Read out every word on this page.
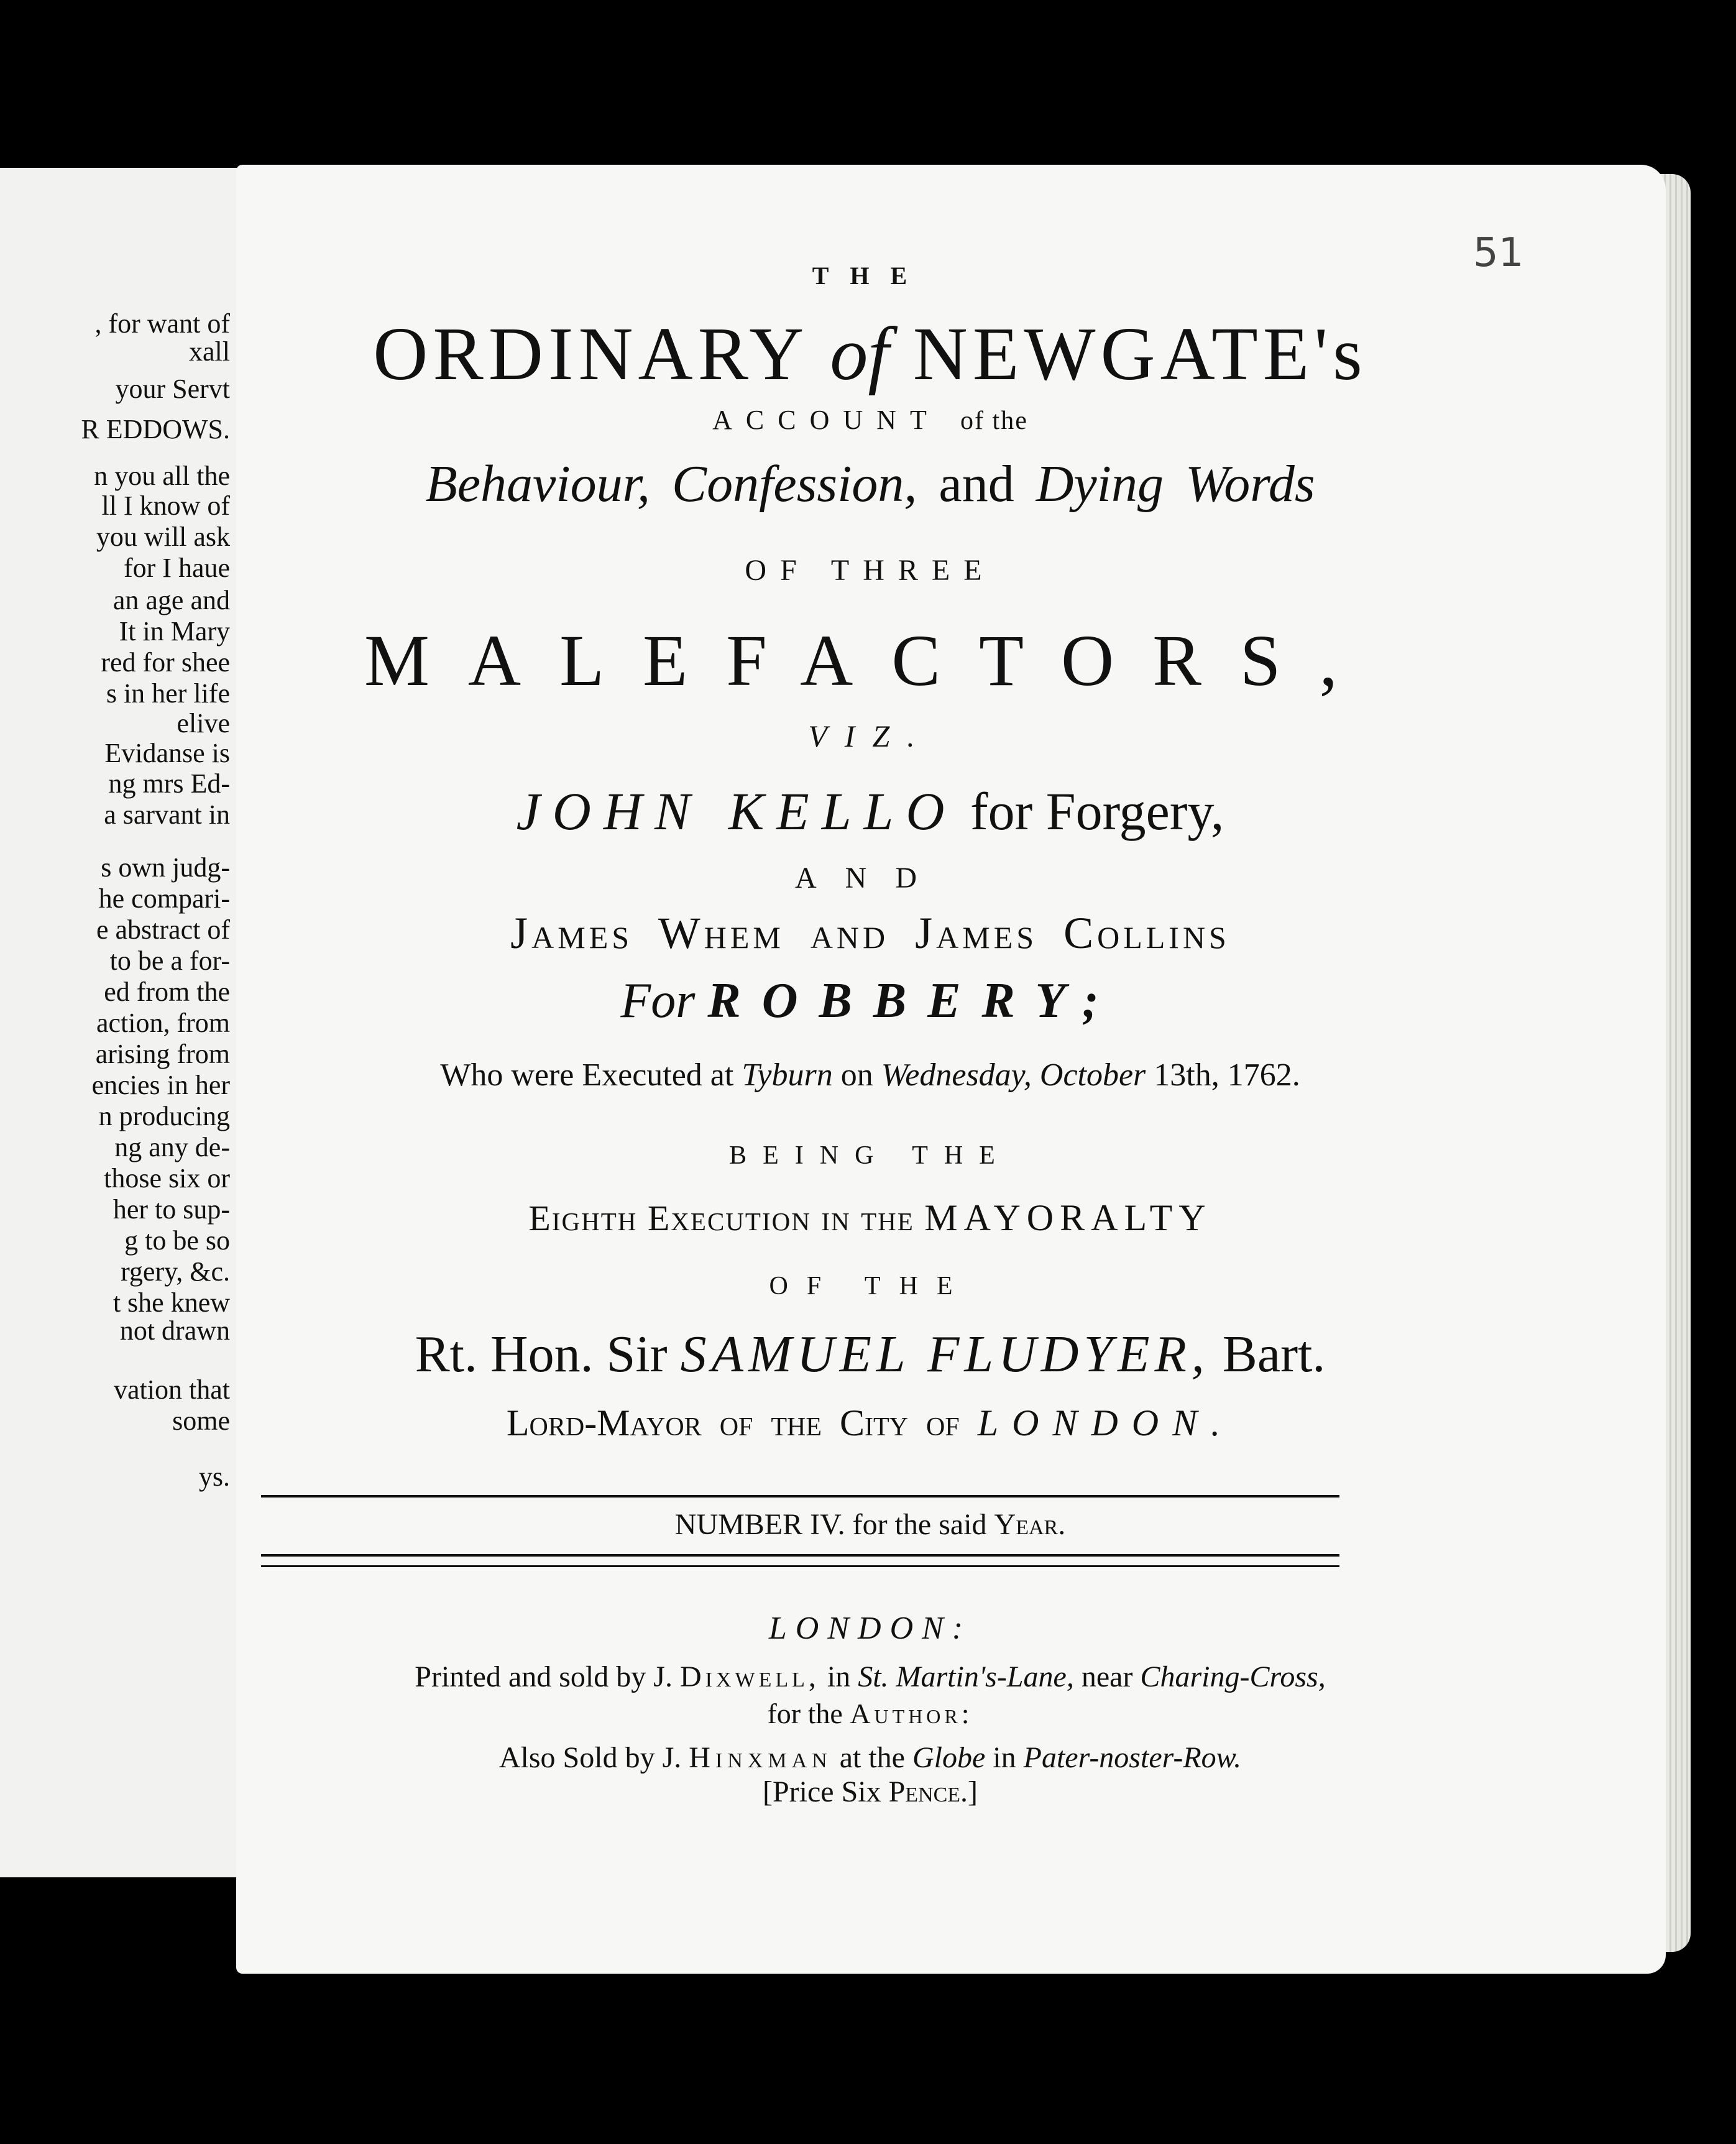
, for want of
xall
your Servt
R EDDOWS.
n you all the
ll I know of
you will ask
for I haue
an age and
It in Mary
red for shee
s in her life
elive
Evidanse is
ng mrs Ed-
a sarvant in
s own judg-
he compari-
e abstract of
to be a for-
ed from the
action, from
arising from
encies in her
n producing
ng any de-
those six or
her to sup-
g to be so
rgery, &c.
t she knew
not drawn
vation that
some
ys.
51
THE
ORDINARY of NEWGATE's
ACCOUNT of the
Behaviour, Confession, and Dying Words
OF THREE
MALEFACTORS,
VIZ.
JOHN KELLO for Forgery,
AND
James Whem and James Collins
For ROBBERY;
Who were Executed at Tyburn on Wednesday, October 13th, 1762.
BEING THE
Eighth Execution in the MAYORALTY
OF THE
Rt. Hon. Sir SAMUEL FLUDYER, Bart.
Lord-Mayor of the City of LONDON.
NUMBER IV. for the said Year.
LONDON:
Printed and sold by J. Dixwell, in St. Martin's-Lane, near Charing-Cross,
for the Author:
Also Sold by J. Hinxman at the Globe in Pater-noster-Row.
[Price Six Pence.]
